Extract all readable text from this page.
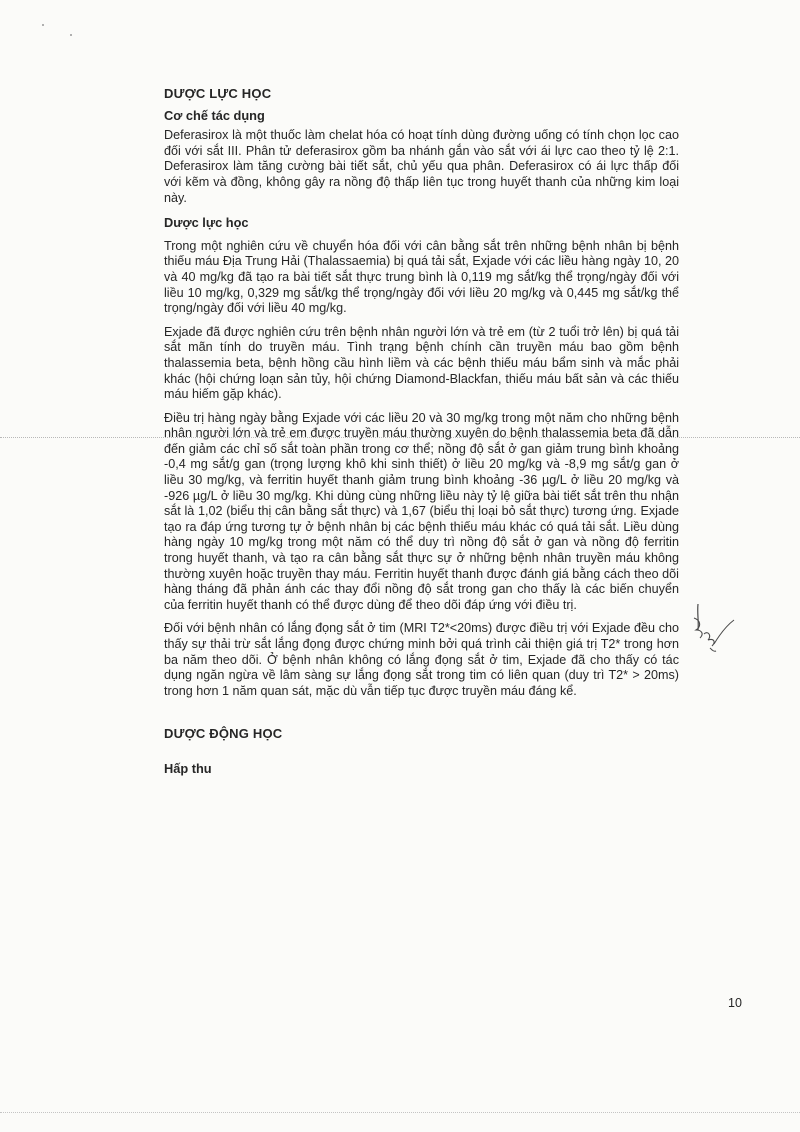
DƯỢC LỰC HỌC
Cơ chế tác dụng

Deferasirox là một thuốc làm chelat hóa có hoạt tính dùng đường uống có tính chọn lọc cao đối với sắt III. Phân tử deferasirox gồm ba nhánh gắn vào sắt với ái lực cao theo tỷ lệ 2:1. Deferasirox làm tăng cường bài tiết sắt, chủ yếu qua phân. Deferasirox có ái lực thấp đối với kẽm và đồng, không gây ra nồng độ thấp liên tục trong huyết thanh của những kim loại này.

Dược lực học

Trong một nghiên cứu về chuyển hóa đối với cân bằng sắt trên những bệnh nhân bị bệnh thiếu máu Địa Trung Hải (Thalassaemia) bị quá tải sắt, Exjade với các liều hàng ngày 10, 20 và 40 mg/kg đã tạo ra bài tiết sắt thực trung bình là 0,119 mg sắt/kg thể trọng/ngày đối với liều 10 mg/kg, 0,329 mg sắt/kg thể trọng/ngày đối với liều 20 mg/kg và 0,445 mg sắt/kg thể trọng/ngày đối với liều 40 mg/kg.

Exjade đã được nghiên cứu trên bệnh nhân người lớn và trẻ em (từ 2 tuổi trở lên) bị quá tải sắt mãn tính do truyền máu. Tình trạng bệnh chính cần truyền máu bao gồm bệnh thalassemia beta, bệnh hồng cầu hình liềm và các bệnh thiếu máu bẩm sinh và mắc phải khác (hội chứng loạn sản tủy, hội chứng Diamond-Blackfan, thiếu máu bất sản và các thiếu máu hiếm gặp khác).

Điều trị hàng ngày bằng Exjade với các liều 20 và 30 mg/kg trong một năm cho những bệnh nhân người lớn và trẻ em được truyền máu thường xuyên do bệnh thalassemia beta đã dẫn đến giảm các chỉ số sắt toàn phần trong cơ thể; nồng độ sắt ở gan giảm trung bình khoảng -0,4 mg sắt/g gan (trọng lượng khô khi sinh thiết) ở liều 20 mg/kg và -8,9 mg sắt/g gan ở liều 30 mg/kg, và ferritin huyết thanh giảm trung bình khoảng -36 µg/L ở liều 20 mg/kg và -926 µg/L ở liều 30 mg/kg. Khi dùng cùng những liều này tỷ lệ giữa bài tiết sắt trên thu nhận sắt là 1,02 (biểu thị cân bằng sắt thực) và 1,67 (biểu thị loại bỏ sắt thực) tương ứng. Exjade tạo ra đáp ứng tương tự ở bệnh nhân bị các bệnh thiếu máu khác có quá tải sắt. Liều dùng hàng ngày 10 mg/kg trong một năm có thể duy trì nồng độ sắt ở gan và nồng độ ferritin trong huyết thanh, và tạo ra cân bằng sắt thực sự ở những bệnh nhân truyền máu không thường xuyên hoặc truyền thay máu. Ferritin huyết thanh được đánh giá bằng cách theo dõi hàng tháng đã phản ánh các thay đổi nồng độ sắt trong gan cho thấy là các biến chuyển của ferritin huyết thanh có thể được dùng để theo dõi đáp ứng với điều trị.

Đối với bệnh nhân có lắng đọng sắt ở tim (MRI T2*<20ms) được điều trị với Exjade đều cho thấy sự thải trừ sắt lắng đọng được chứng minh bởi quá trình cải thiện giá trị T2* trong hơn ba năm theo dõi. Ở bệnh nhân không có lắng đọng sắt ở tim, Exjade đã cho thấy có tác dụng ngăn ngừa về lâm sàng sự lắng đọng sắt trong tim có liên quan (duy trì T2* > 20ms) trong hơn 1 năm quan sát, mặc dù vẫn tiếp tục được truyền máu đáng kể.

DƯỢC ĐỘNG HỌC
Hấp thu
10
